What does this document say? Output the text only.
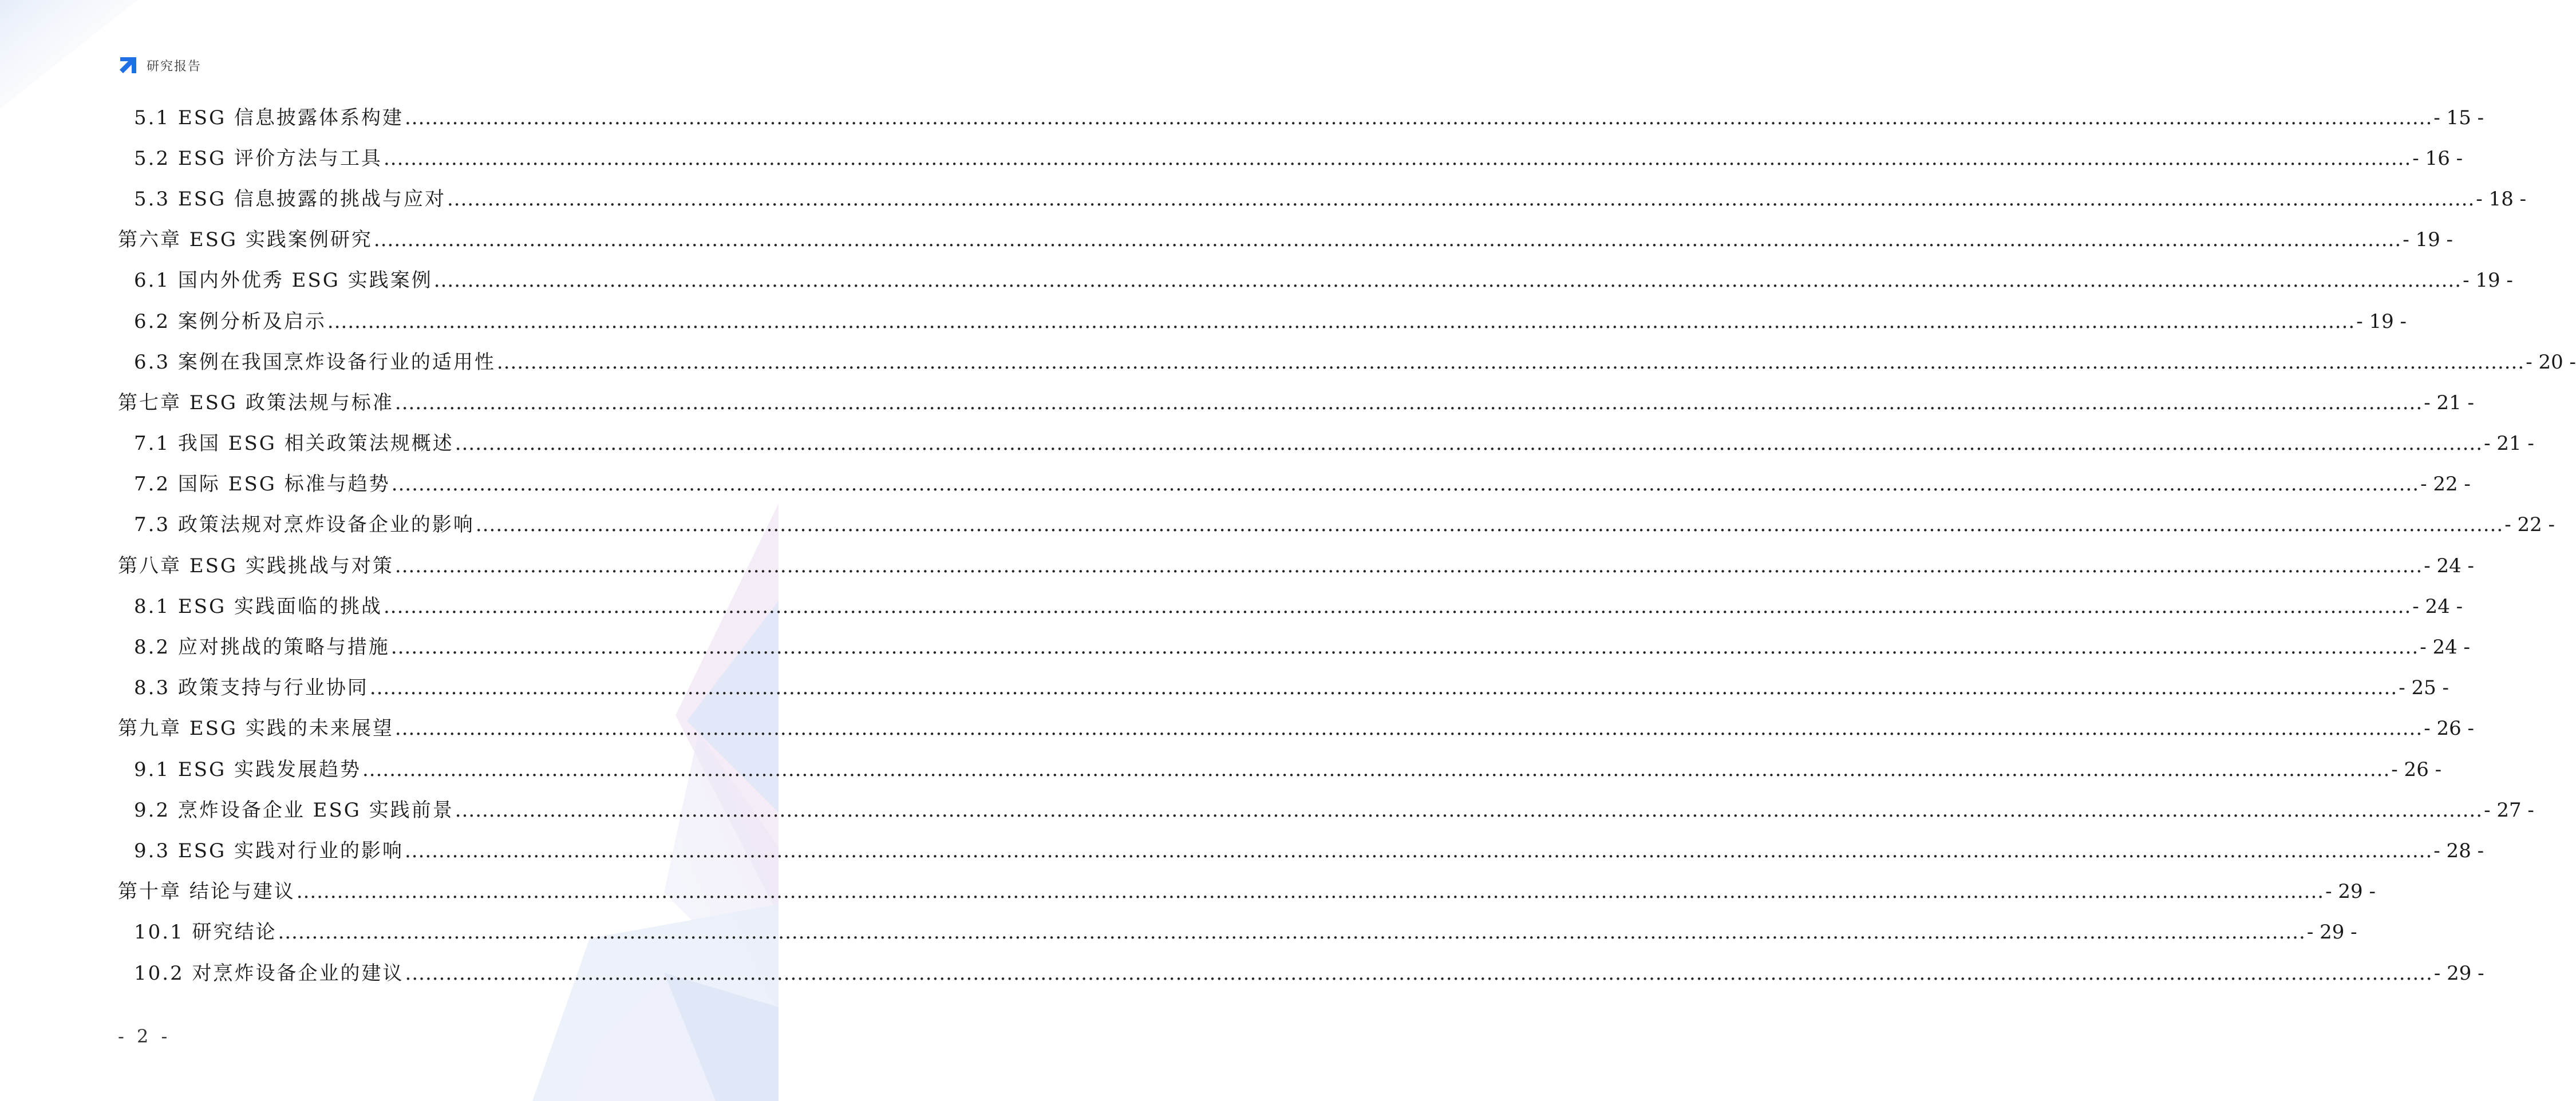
研究报告
5.1 ESG 信息披露体系构建 ............................................................................................................................................................................................................................................................................................................ - 15 -
5.2 ESG 评价方法与工具 ............................................................................................................................................................................................................................................................................................................ - 16 -
5.3 ESG 信息披露的挑战与应对 ............................................................................................................................................................................................................................................................................................................ - 18 -
第六章 ESG 实践案例研究 ............................................................................................................................................................................................................................................................................................................ - 19 -
6.1 国内外优秀 ESG 实践案例 ............................................................................................................................................................................................................................................................................................................ - 19 -
6.2 案例分析及启示 ............................................................................................................................................................................................................................................................................................................ - 19 -
6.3 案例在我国烹炸设备行业的适用性 ............................................................................................................................................................................................................................................................................................................ - 20 -
第七章 ESG 政策法规与标准 ............................................................................................................................................................................................................................................................................................................ - 21 -
7.1 我国 ESG 相关政策法规概述 ............................................................................................................................................................................................................................................................................................................ - 21 -
7.2 国际 ESG 标准与趋势 ............................................................................................................................................................................................................................................................................................................ - 22 -
7.3 政策法规对烹炸设备企业的影响 ............................................................................................................................................................................................................................................................................................................ - 22 -
第八章 ESG 实践挑战与对策 ............................................................................................................................................................................................................................................................................................................ - 24 -
8.1 ESG 实践面临的挑战 ............................................................................................................................................................................................................................................................................................................ - 24 -
8.2 应对挑战的策略与措施 ............................................................................................................................................................................................................................................................................................................ - 24 -
8.3 政策支持与行业协同 ............................................................................................................................................................................................................................................................................................................ - 25 -
第九章 ESG 实践的未来展望 ............................................................................................................................................................................................................................................................................................................ - 26 -
9.1 ESG 实践发展趋势 ............................................................................................................................................................................................................................................................................................................ - 26 -
9.2 烹炸设备企业 ESG 实践前景 ............................................................................................................................................................................................................................................................................................................ - 27 -
9.3 ESG 实践对行业的影响 ............................................................................................................................................................................................................................................................................................................ - 28 -
第十章 结论与建议 ............................................................................................................................................................................................................................................................................................................ - 29 -
10.1 研究结论 ............................................................................................................................................................................................................................................................................................................ - 29 -
10.2 对烹炸设备企业的建议 ............................................................................................................................................................................................................................................................................................................ - 29 -
- 2 -
